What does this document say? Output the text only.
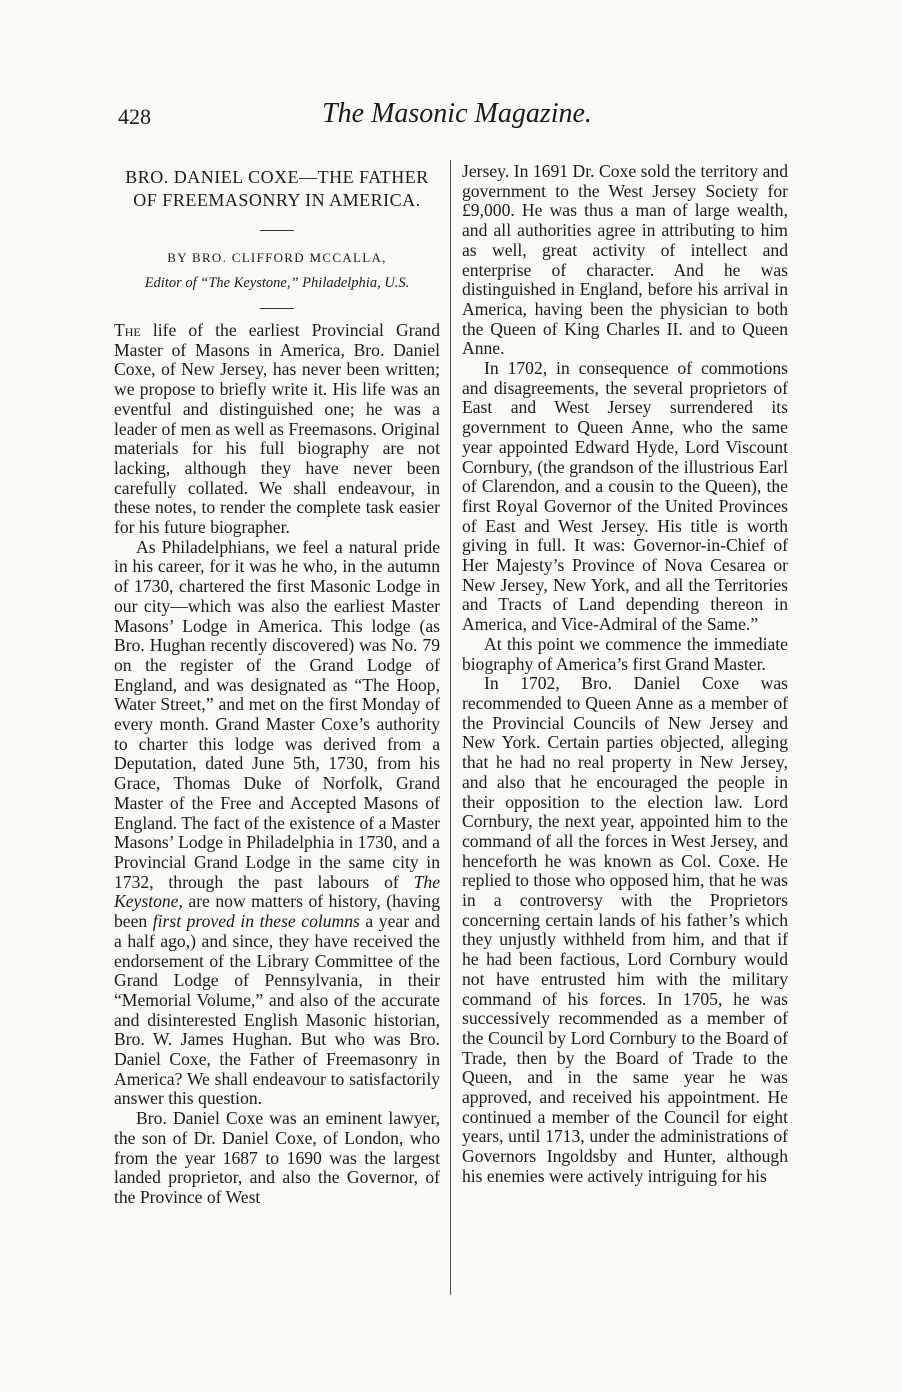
428	The Masonic Magazine.
BRO. DANIEL COXE—THE FATHER
OF FREEMASONRY IN AMERICA.
BY BRO. CLIFFORD MCCALLA,
Editor of “The Keystone,” Philadelphia, U.S.

The life of the earliest Provincial Grand Master of Masons in America, Bro. Daniel Coxe, of New Jersey, has never been written; we propose to briefly write it. His life was an eventful and distinguished one; he was a leader of men as well as Freemasons. Original materials for his full biography are not lacking, although they have never been carefully collated. We shall endeavour, in these notes, to render the complete task easier for his future biographer.

As Philadelphians, we feel a natural pride in his career, for it was he who, in the autumn of 1730, chartered the first Masonic Lodge in our city—which was also the earliest Master Masons’ Lodge in America. This lodge (as Bro. Hughan recently discovered) was No. 79 on the register of the Grand Lodge of England, and was designated as “The Hoop, Water Street,” and met on the first Monday of every month. Grand Master Coxe’s authority to charter this lodge was derived from a Deputation, dated June 5th, 1730, from his Grace, Thomas Duke of Norfolk, Grand Master of the Free and Accepted Masons of England. The fact of the existence of a Master Masons’ Lodge in Philadelphia in 1730, and a Provincial Grand Lodge in the same city in 1732, through the past labours of The Keystone, are now matters of history, (having been first proved in these columns a year and a half ago,) and since, they have received the endorsement of the Library Committee of the Grand Lodge of Pennsylvania, in their “Memorial Volume,” and also of the accurate and disinterested English Masonic historian, Bro. W. James Hughan. But who was Bro. Daniel Coxe, the Father of Freemasonry in America? We shall endeavour to satisfactorily answer this question.

Bro. Daniel Coxe was an eminent lawyer, the son of Dr. Daniel Coxe, of London, who from the year 1687 to 1690 was the largest landed proprietor, and also the Governor, of the Province of West

Jersey. In 1691 Dr. Coxe sold the territory and government to the West Jersey Society for £9,000. He was thus a man of large wealth, and all authorities agree in attributing to him as well, great activity of intellect and enterprise of character. And he was distinguished in England, before his arrival in America, having been the physician to both the Queen of King Charles II. and to Queen Anne.

In 1702, in consequence of commotions and disagreements, the several proprietors of East and West Jersey surrendered its government to Queen Anne, who the same year appointed Edward Hyde, Lord Viscount Cornbury, (the grandson of the illustrious Earl of Clarendon, and a cousin to the Queen), the first Royal Governor of the United Provinces of East and West Jersey. His title is worth giving in full. It was: Governor-in-Chief of Her Majesty’s Province of Nova Cesarea or New Jersey, New York, and all the Territories and Tracts of Land depending thereon in America, and Vice-Admiral of the Same.”

At this point we commence the immediate biography of America’s first Grand Master.

In 1702, Bro. Daniel Coxe was recommended to Queen Anne as a member of the Provincial Councils of New Jersey and New York. Certain parties objected, alleging that he had no real property in New Jersey, and also that he encouraged the people in their opposition to the election law. Lord Cornbury, the next year, appointed him to the command of all the forces in West Jersey, and henceforth he was known as Col. Coxe. He replied to those who opposed him, that he was in a controversy with the Proprietors concerning certain lands of his father’s which they unjustly withheld from him, and that if he had been factious, Lord Cornbury would not have entrusted him with the military command of his forces. In 1705, he was successively recommended as a member of the Council by Lord Cornbury to the Board of Trade, then by the Board of Trade to the Queen, and in the same year he was approved, and received his appointment. He continued a member of the Council for eight years, until 1713, under the administrations of Governors Ingoldsby and Hunter, although his enemies were actively intriguing for his
